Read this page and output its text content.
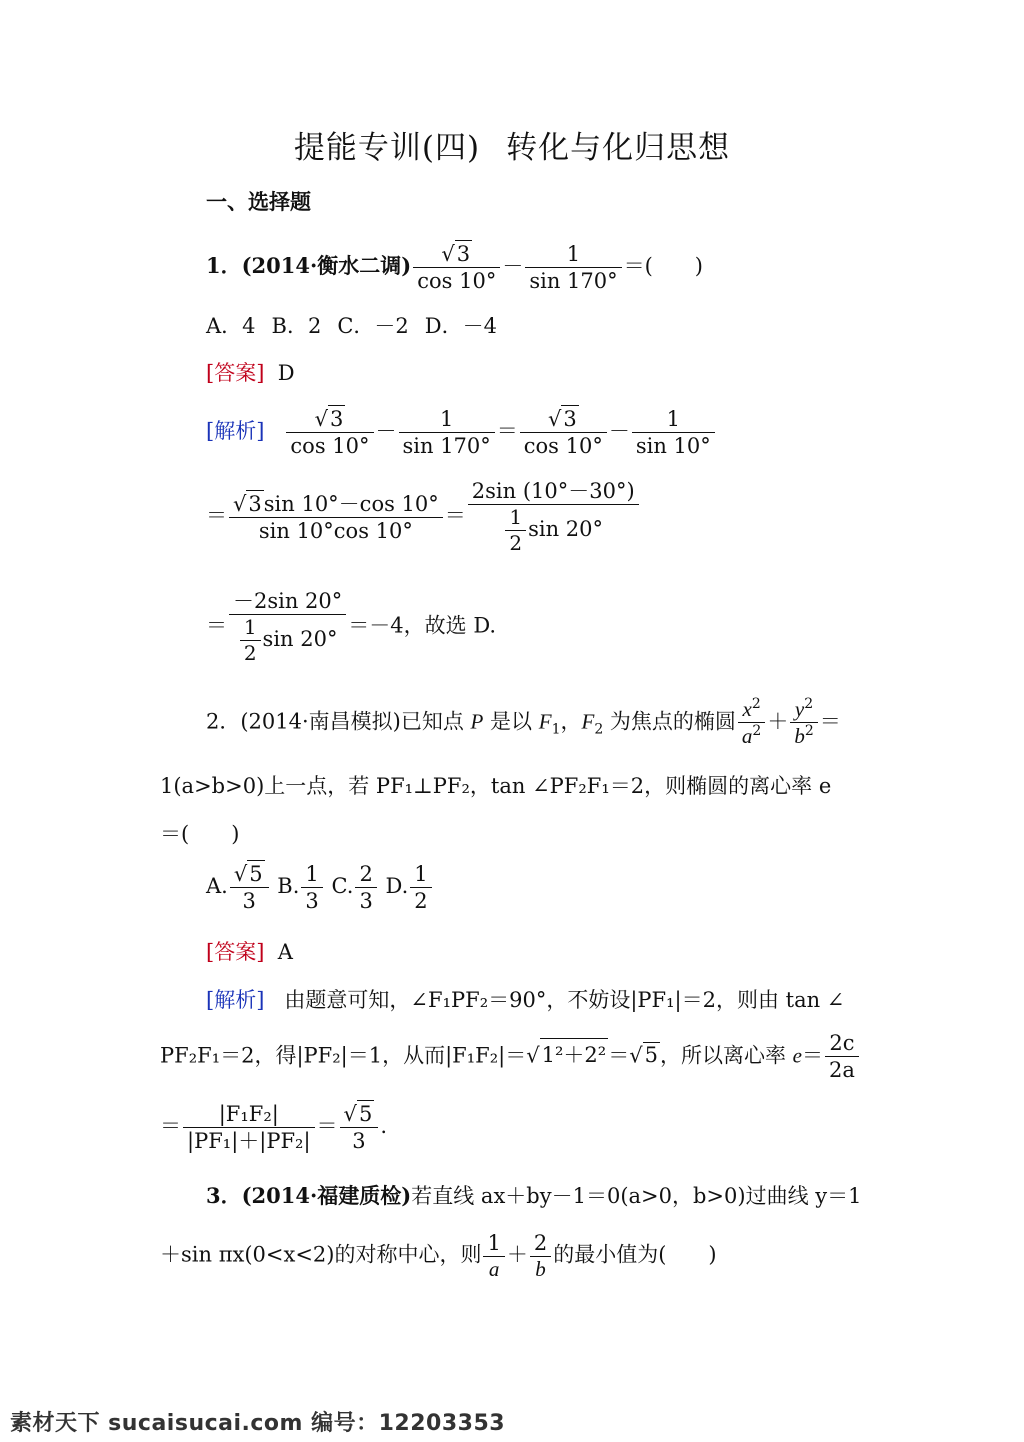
提能专训(四) 转化与化归思想
一、选择题
1．(2014·衡水二调) $\frac{√3}{\cos 10^\circ} - \frac{1}{\sin 170^\circ}$ ＝(　　)
A．4 B．2 C．－2 D．－4
[答案] D
[解析] $\frac{√3}{\cos 10^\circ} - \frac{1}{\sin 170^\circ} = \frac{√3}{\cos 10^\circ} - \frac{1}{\sin 10^\circ}$
＝ $\frac{√3\sin 10^\circ-\cos 10^\circ}{\sin 10^\circ\cos 10^\circ} = \frac{2\sin (10^\circ-30^\circ)}{\frac{1}{2} \sin 20^\circ}$
＝ $\frac{-2\sin 20^\circ}{\frac{1}{2} \sin 20^\circ} =-4$，故选 D.
2．(2014·南昌模拟)已知点 P 是以 $F_1$，$F_2$ 为焦点的椭圆 $\frac{x^2}{a^2} + \frac{y^2}{b^2}$ ＝
1(a>b>0)上一点，若 PF₁⊥PF₂，tan ∠PF₂F₁＝2，则椭圆的离心率 e
＝(　　)
A. $\frac{√5}{3} B$. $\frac{1}{3} C$. $\frac{2}{3} D$. $\frac{1}{2}$
[答案] A
[解析] 由题意可知，∠F₁PF₂＝90°，不妨设|PF₁|＝2，则由 tan ∠
PF₂F₁＝2，得|PF₂|＝1，从而|F₁F₂|＝√1²＋2²＝√5，所以离心率 $e= \frac{2c}{2a}$
＝ $\frac{\text{|F₁F₂|}}{\text{|PF₁|＋|PF₂|}} = \frac{√5}{3}$ .
3．(2014·福建质检)若直线 ax＋by－1＝0(a>0，b>0)过曲线 y＝1
＋sin πx(0<x<2)的对称中心，则 $\frac{1}{a}+ \frac{2}{b}$的最小值为(　　)
素材天下 sucaisucai.com 编号：12203353
